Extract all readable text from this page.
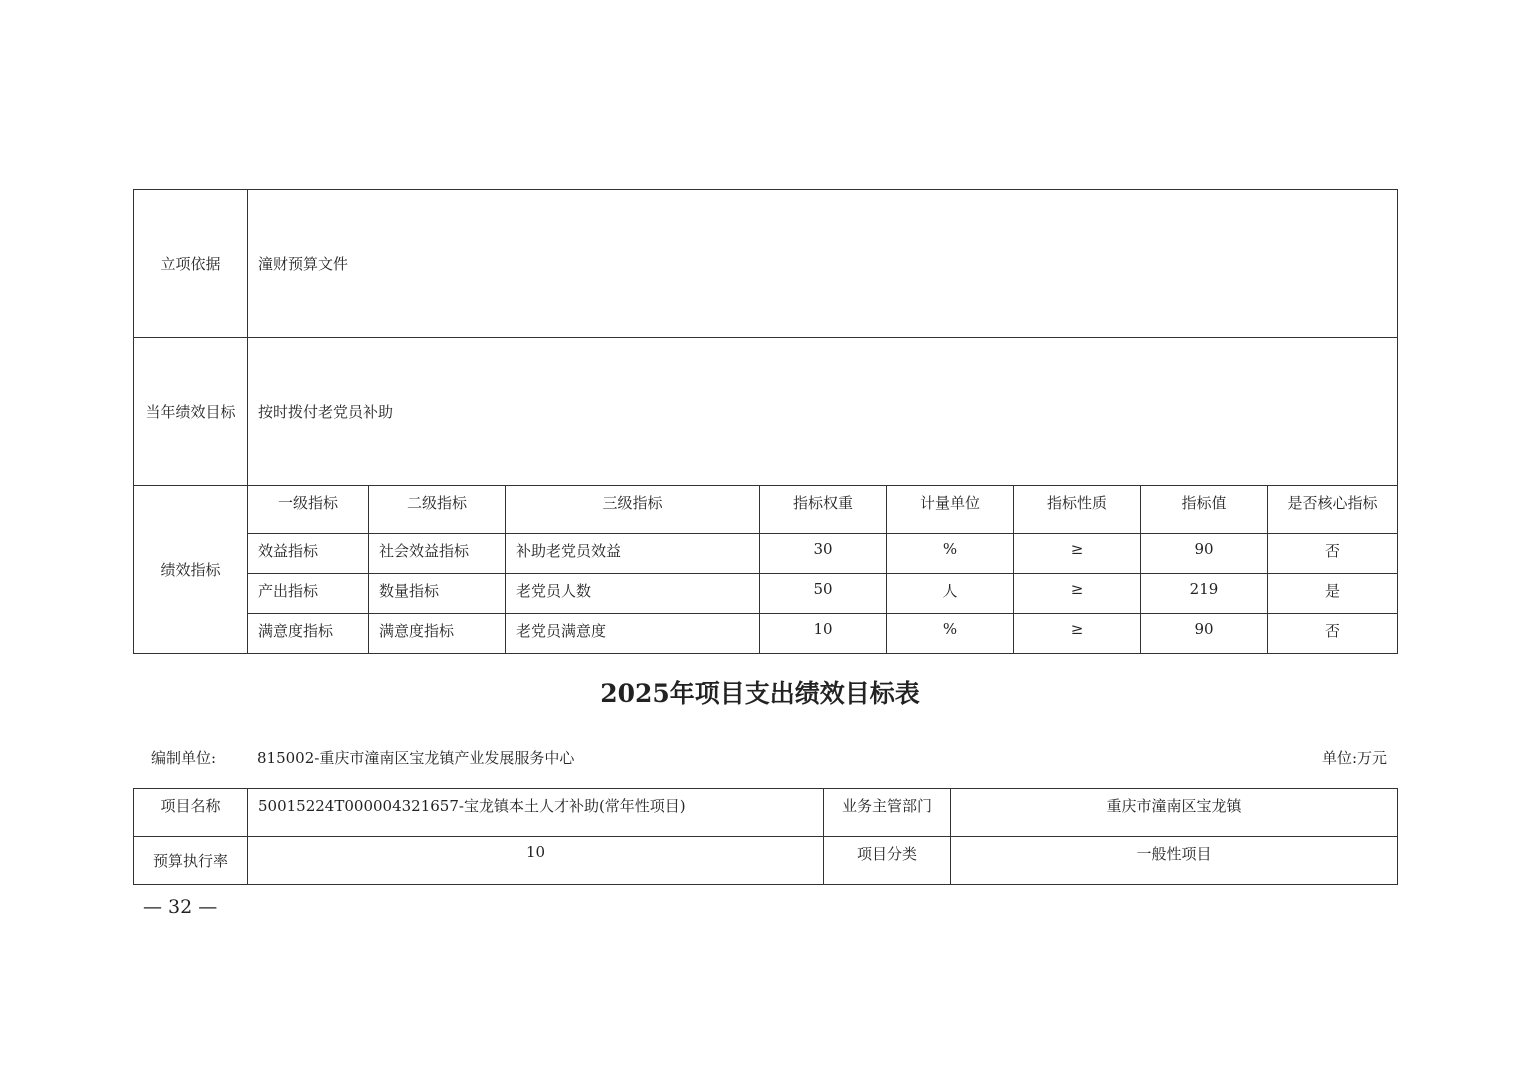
立项依据	潼财预算文件							
当年绩效目标	按时拨付老党员补助							
绩效指标	一级指标	二级指标	三级指标	指标权重	计量单位	指标性质	指标值	是否核心指标
	效益指标	社会效益指标	补助老党员效益	30	%	≥	90	否
	产出指标	数量指标	老党员人数	50	人	≥	219	是
	满意度指标	满意度指标	老党员满意度	10	%	≥	90	否
2025年项目支出绩效目标表
编制单位:	815002-重庆市潼南区宝龙镇产业发展服务中心	单位:万元
项目名称	50015224T000004321657-宝龙镇本土人才补助(常年性项目)	业务主管部门	重庆市潼南区宝龙镇
预算执行率	10	项目分类	一般性项目
— 32 —
